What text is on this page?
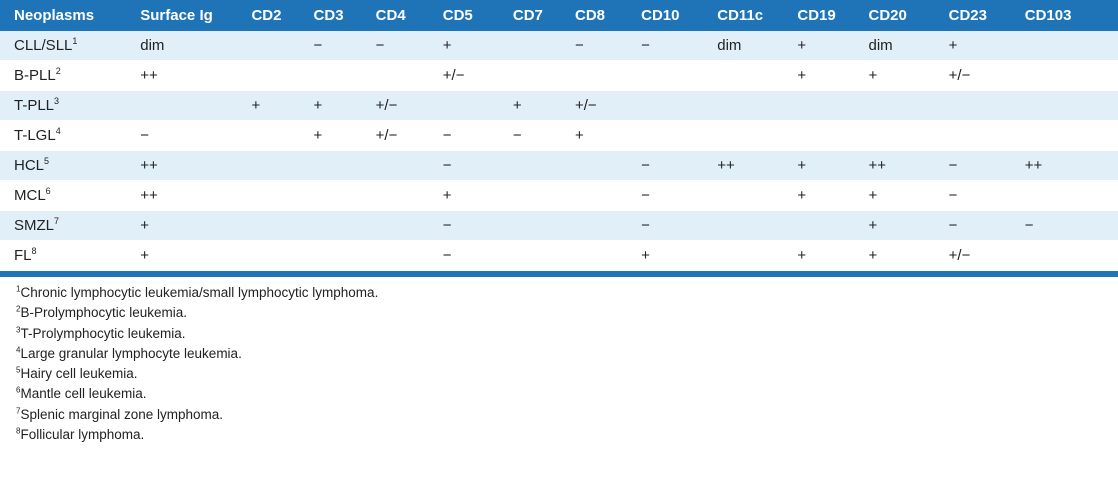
Neoplasms	Surface Ig	CD2	CD3	CD4	CD5	CD7	CD8	CD10	CD11c	CD19	CD20	CD23	CD103
CLL/SLL$^1$	dim		−	−	+		−	−	dim	+	dim	+	
$B-PLL^2$	++				+/−					+	+	+/−	
T-PLL$^3$		+	+	+/−		+	+/−						
$T-LGL^4$	−		+	+/−	−	−	+						
$HCL^5$	++				−			−	++	+	++	−	++
$MCL^6$	++				+			−		+	+	−	
$SMZL^7$	+				−			−			+	−	−
$FL^8$	+				−			+		+	+	+/−	
$^1$Chronic lymphocytic leukemia/small lymphocytic lymphoma.
$^2$B-Prolymphocytic leukemia.
$^3$T-Prolymphocytic leukemia.
$^4$Large granular lymphocyte leukemia.
$^5$Hairy cell leukemia.
$^6$Mantle cell leukemia.
$^7$Splenic marginal zone lymphoma.
$^8$Follicular lymphoma.
